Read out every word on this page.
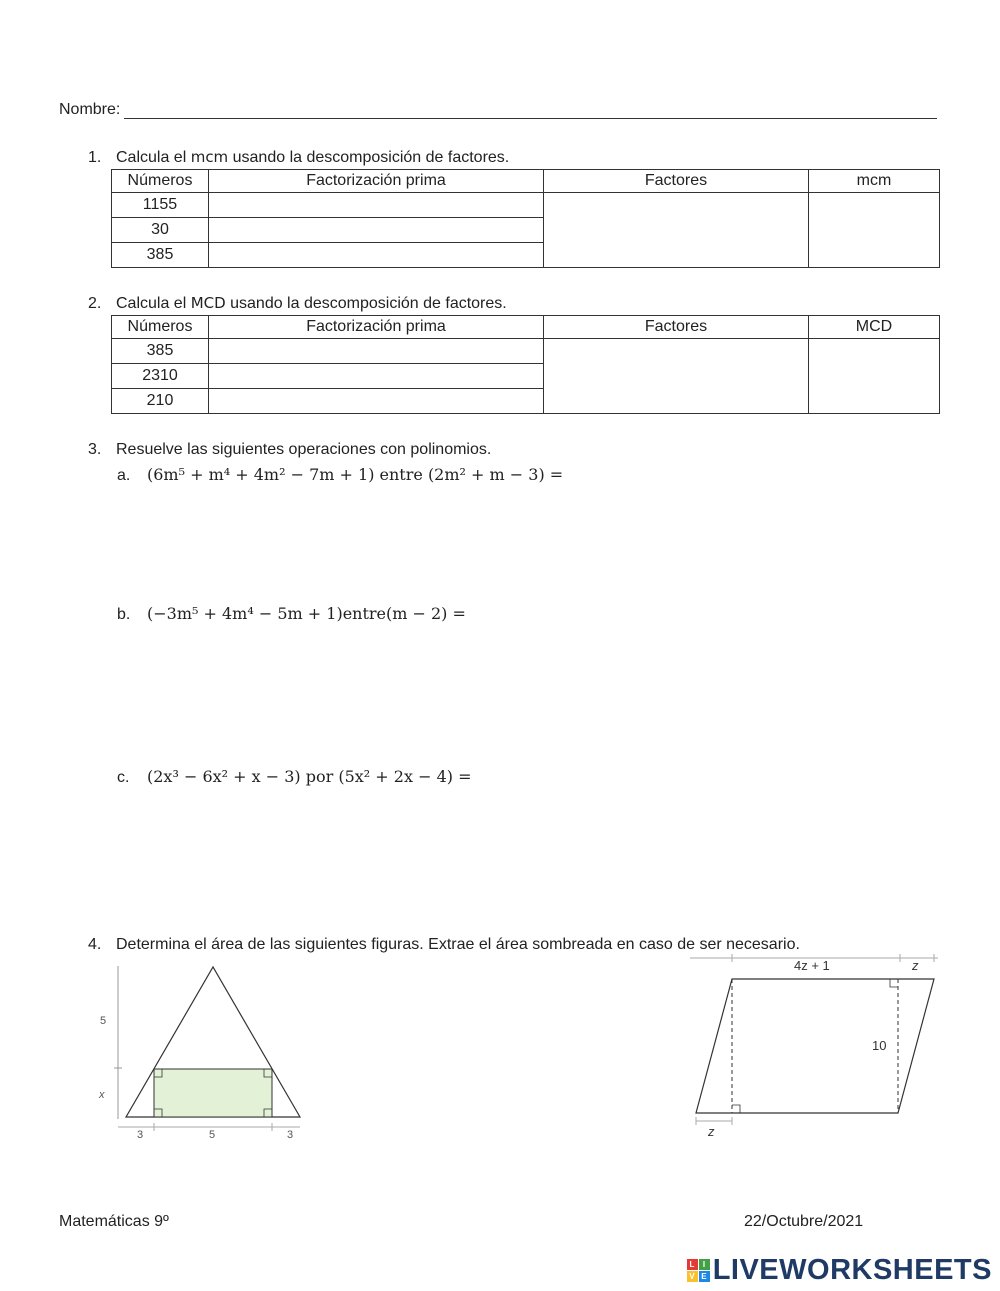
Nombre:
1. Calcula el mcm usando la descomposición de factores.
Números	Factorización prima	Factores	mcm
1155			
30			
385			
2. Calcula el MCD usando la descomposición de factores.
Números	Factorización prima	Factores	MCD
385			
2310			
210			
3. Resuelve las siguientes operaciones con polinomios.
a. (6m⁵ + m⁴ + 4m² − 7m + 1) entre (2m² + m − 3) =
b. (−3m⁵ + 4m⁴ − 5m + 1)entre(m − 2) =
c. (2x³ − 6x² + x − 3) por (5x² + 2x − 4) =
4. Determina el área de las siguientes figuras. Extrae el área sombreada en caso de ser necesario.
5
x
3	5	3
4z + 1	z
10
z
Matemáticas 9º	22/Octubre/2021
L I
V E LIVEWORKSHEETS
